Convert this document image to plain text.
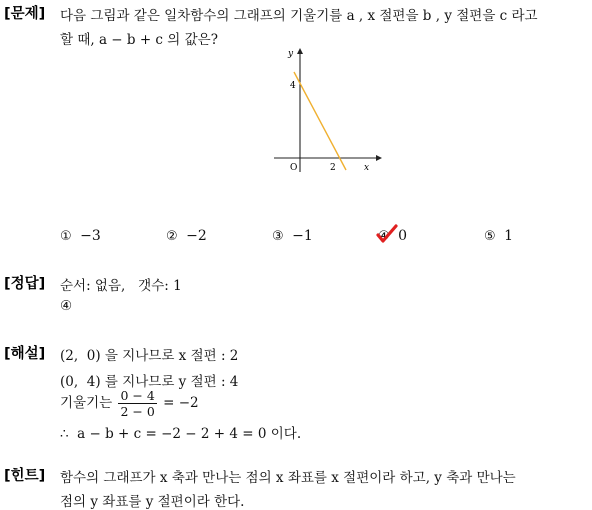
[문제] 다음 그림과 같은 일차함수의 그래프의 기울기를 a , x 절편을 b , y 절편을 c 라고
할 때, a − b + c 의 값은?
y
x
O
4
2
① −3	② −2	③ −1	④ 0	⑤ 1
[정답] 순서: 없음,   갯수: 1
④
[해설] (2,  0) 을 지나므로 x 절편 : 2
(0,  4) 를 지나므로 y 절편 : 4
기울기는 $\frac{0 - 4}{2 - 0} = -2$
∴  a − b + c = −2 − 2 + 4 = 0 이다.
[힌트] 함수의 그래프가 x 축과 만나는 점의 x 좌표를 x 절편이라 하고, y 축과 만나는
점의 y 좌표를 y 절편이라 한다.
